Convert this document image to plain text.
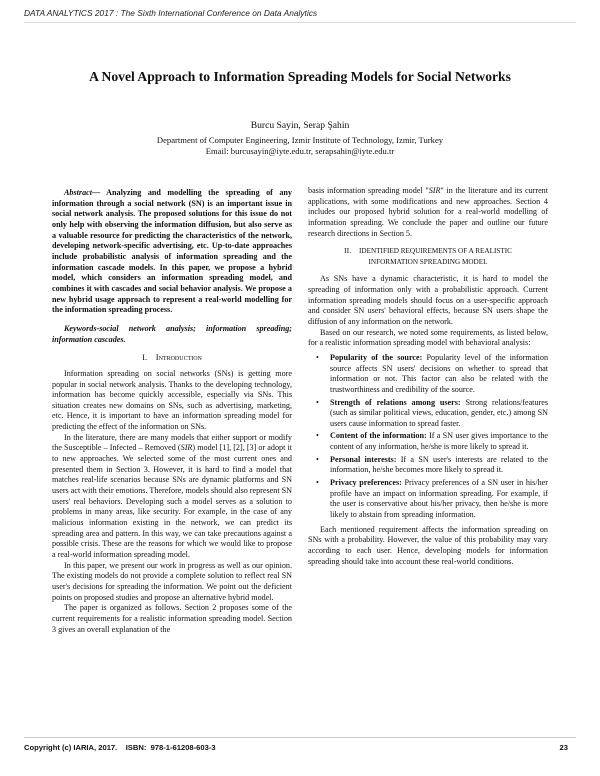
DATA ANALYTICS 2017 : The Sixth International Conference on Data Analytics
A Novel Approach to Information Spreading Models for Social Networks
Burcu Sayin, Serap Şahin
Department of Computer Engineering, Izmir Institute of Technology, Izmir, Turkey
Email: burcusayin@iyte.edu.tr, serapsahin@iyte.edu.tr

Abstract— Analyzing and modelling the spreading of any information through a social network (SN) is an important issue in social network analysis. The proposed solutions for this issue do not only help with observing the information diffusion, but also serve as a valuable resource for predicting the characteristics of the network, developing network-specific advertising, etc. Up-to-date approaches include probabilistic analysis of information spreading and the information cascade models. In this paper, we propose a hybrid model, which considers an information spreading model, and combines it with cascades and social behavior analysis. We propose a new hybrid usage approach to represent a real-world modelling for the information spreading process.

Keywords-social network analysis; information spreading; information cascades.

I. Introduction

Information spreading on social networks (SNs) is getting more popular in social network analysis. Thanks to the developing technology, information has become quickly accessible, especially via SNs. This situation creates new domains on SNs, such as advertising, marketing, etc. Hence, it is important to have an information spreading model for predicting the effect of the information on SNs.

In the literature, there are many models that either support or modify the Susceptible – Infected – Removed (SIR) model [1], [2], [3] or adopt it to new approaches. We selected some of the most current ones and presented them in Section 3. However, it is hard to find a model that matches real-life scenarios because SNs are dynamic platforms and SN users act with their emotions. Therefore, models should also represent SN users' real behaviors. Developing such a model serves as a solution to problems in many areas, like security. For example, in the case of any malicious information existing in the network, we can predict its spreading area and pattern. In this way, we can take precautions against a possible crisis. These are the reasons for which we would like to propose a real-world information spreading model.

In this paper, we present our work in progress as well as our opinion. The existing models do not provide a complete solution to reflect real SN user's decisions for spreading the information. We point out the deficient points on proposed studies and propose an alternative hybrid model.

The paper is organized as follows. Section 2 proposes some of the current requirements for a realistic information spreading model. Section 3 gives an overall explanation of the

basis information spreading model "SIR" in the literature and its current applications, with some modifications and new approaches. Section 4 includes our proposed hybrid solution for a real-world modelling of information spreading. We conclude the paper and outline our future research directions in Section 5.

II. IDENTIFIED REQUIREMENTS OF A REALISTIC
INFORMATION SPREADING MODEL

As SNs have a dynamic characteristic, it is hard to model the spreading of information only with a probabilistic approach. Current information spreading models should focus on a user-specific approach and consider SN users' behavioral effects, because SN users shape the diffusion of any information on the network.

Based on our research, we noted some requirements, as listed below, for a realistic information spreading model with behavioral analysis:

• Popularity of the source: Popularity level of the information source affects SN users' decisions on whether to spread that information or not. This factor can also be related with the trustworthiness and credibility of the source.
• Strength of relations among users: Strong relations/features (such as similar political views, education, gender, etc.) among SN users cause information to spread faster.
• Content of the information: If a SN user gives importance to the content of any information, he/she is more likely to spread it.
• Personal interests: If a SN user's interests are related to the information, he/she becomes more likely to spread it.
• Privacy preferences: Privacy preferences of a SN user in his/her profile have an impact on information spreading. For example, if the user is conservative about his/her privacy, then he/she is more likely to abstain from spreading information.

Each mentioned requirement affects the information spreading on SNs with a probability. However, the value of this probability may vary according to each user. Hence, developing models for information spreading should take into account these real-world conditions.

Copyright (c) IARIA, 2017.    ISBN:  978-1-61208-603-3	23
